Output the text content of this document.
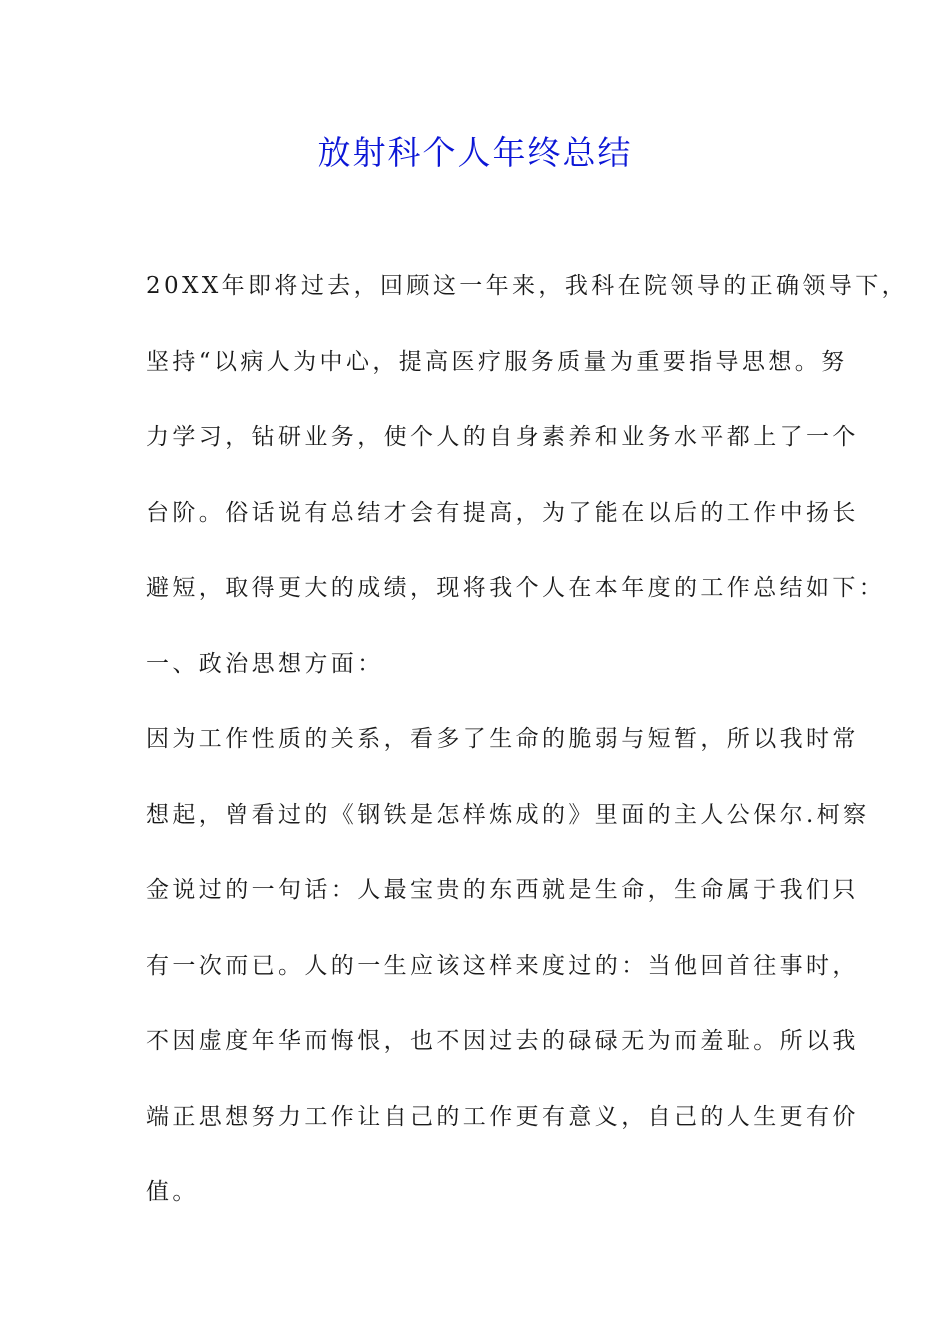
放射科个人年终总结
20XX年即将过去，回顾这一年来，我科在院领导的正确领导下，
坚持“以病人为中心，提高医疗服务质量为重要指导思想。努
力学习，钻研业务，使个人的自身素养和业务水平都上了一个
台阶。俗话说有总结才会有提高，为了能在以后的工作中扬长
避短，取得更大的成绩，现将我个人在本年度的工作总结如下：
一、政治思想方面：
因为工作性质的关系，看多了生命的脆弱与短暂，所以我时常
想起，曾看过的《钢铁是怎样炼成的》里面的主人公保尔.柯察
金说过的一句话：人最宝贵的东西就是生命，生命属于我们只
有一次而已。人的一生应该这样来度过的：当他回首往事时，
不因虚度年华而悔恨，也不因过去的碌碌无为而羞耻。所以我
端正思想努力工作让自己的工作更有意义，自己的人生更有价
值。
